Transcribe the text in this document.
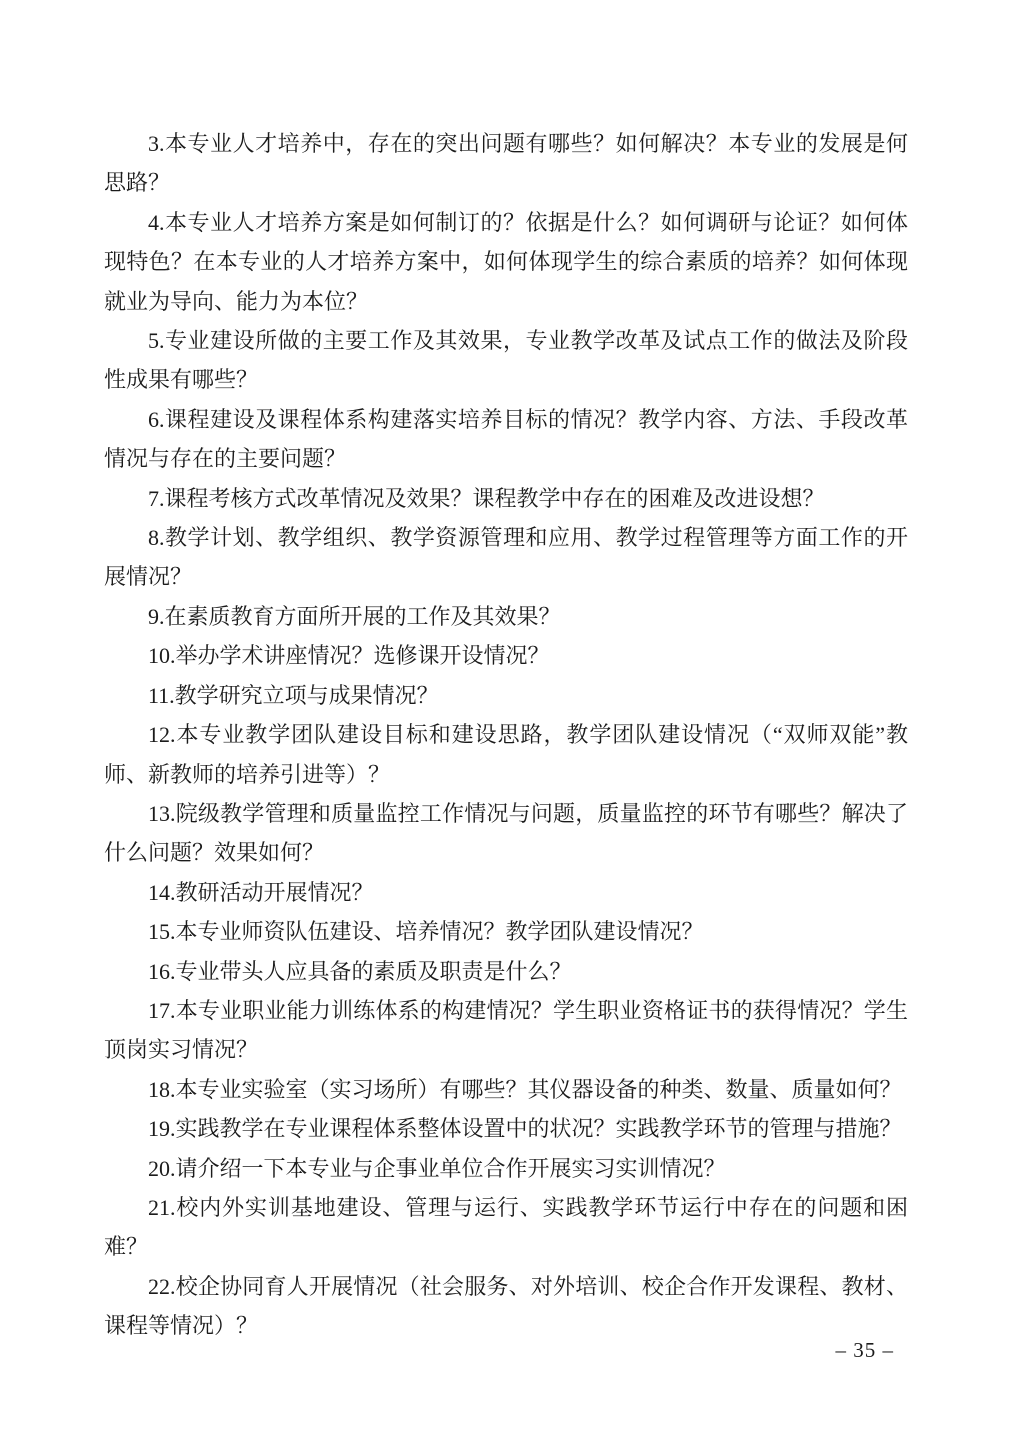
3.本专业人才培养中，存在的突出问题有哪些？如何解决？本专业的发展是何思路？

4.本专业人才培养方案是如何制订的？依据是什么？如何调研与论证？如何体现特色？在本专业的人才培养方案中，如何体现学生的综合素质的培养？如何体现就业为导向、能力为本位？

5.专业建设所做的主要工作及其效果，专业教学改革及试点工作的做法及阶段性成果有哪些？

6.课程建设及课程体系构建落实培养目标的情况？教学内容、方法、手段改革情况与存在的主要问题？

7.课程考核方式改革情况及效果？课程教学中存在的困难及改进设想？

8.教学计划、教学组织、教学资源管理和应用、教学过程管理等方面工作的开展情况？

9.在素质教育方面所开展的工作及其效果？

10.举办学术讲座情况？选修课开设情况？

11.教学研究立项与成果情况？

12.本专业教学团队建设目标和建设思路，教学团队建设情况（“双师双能”教师、新教师的培养引进等）？

13.院级教学管理和质量监控工作情况与问题，质量监控的环节有哪些？解决了什么问题？效果如何？

14.教研活动开展情况？

15.本专业师资队伍建设、培养情况？教学团队建设情况？

16.专业带头人应具备的素质及职责是什么？

17.本专业职业能力训练体系的构建情况？学生职业资格证书的获得情况？学生顶岗实习情况？

18.本专业实验室（实习场所）有哪些？其仪器设备的种类、数量、质量如何？

19.实践教学在专业课程体系整体设置中的状况？实践教学环节的管理与措施？

20.请介绍一下本专业与企事业单位合作开展实习实训情况？

21.校内外实训基地建设、管理与运行、实践教学环节运行中存在的问题和困难？

22.校企协同育人开展情况（社会服务、对外培训、校企合作开发课程、教材、课程等情况）？

– 35 –
